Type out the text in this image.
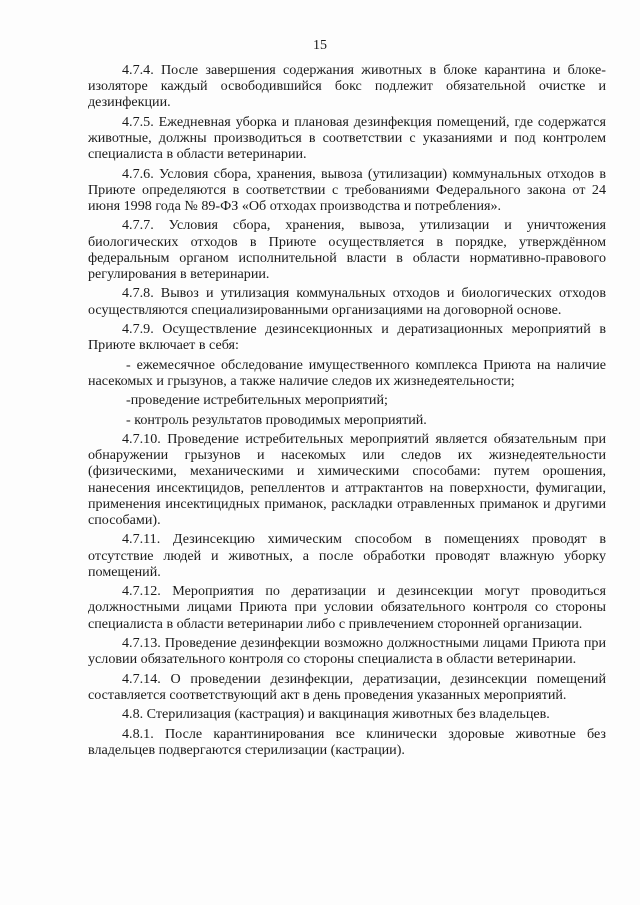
15

4.7.4. После завершения содержания животных в блоке карантина и блоке-изоляторе каждый освободившийся бокс подлежит обязательной очистке и дезинфекции.

4.7.5. Ежедневная уборка и плановая дезинфекция помещений, где содержатся животные, должны производиться в соответствии с указаниями и под контролем специалиста в области ветеринарии.

4.7.6. Условия сбора, хранения, вывоза (утилизации) коммунальных отходов в Приюте определяются в соответствии с требованиями Федерального закона от 24 июня 1998 года № 89-ФЗ «Об отходах производства и потребления».

4.7.7. Условия сбора, хранения, вывоза, утилизации и уничтожения биологических отходов в Приюте осуществляется в порядке, утверждённом федеральным органом исполнительной власти в области нормативно-правового регулирования в ветеринарии.

4.7.8. Вывоз и утилизация коммунальных отходов и биологических отходов осуществляются специализированными организациями на договорной основе.

4.7.9. Осуществление дезинсекционных и дератизационных мероприятий в Приюте включает в себя:

- ежемесячное обследование имущественного комплекса Приюта на наличие насекомых и грызунов, а также наличие следов их жизнедеятельности;

-проведение истребительных мероприятий;

- контроль результатов проводимых мероприятий.

4.7.10. Проведение истребительных мероприятий является обязательным при обнаружении грызунов и насекомых или следов их жизнедеятельности (физическими, механическими и химическими способами: путем орошения, нанесения инсектицидов, репеллентов и аттрактантов на поверхности, фумигации, применения инсектицидных приманок, раскладки отравленных приманок и другими способами).

4.7.11. Дезинсекцию химическим способом в помещениях проводят в отсутствие людей и животных, а после обработки проводят влажную уборку помещений.

4.7.12. Мероприятия по дератизации и дезинсекции могут проводиться должностными лицами Приюта при условии обязательного контроля со стороны специалиста в области ветеринарии либо с привлечением сторонней организации.

4.7.13. Проведение дезинфекции возможно должностными лицами Приюта при условии обязательного контроля со стороны специалиста в области ветеринарии.

4.7.14. О проведении дезинфекции, дератизации, дезинсекции помещений составляется соответствующий акт в день проведения указанных мероприятий.

4.8. Стерилизация (кастрация) и вакцинация животных без владельцев.

4.8.1. После карантинирования все клинически здоровые животные без владельцев подвергаются стерилизации (кастрации).
